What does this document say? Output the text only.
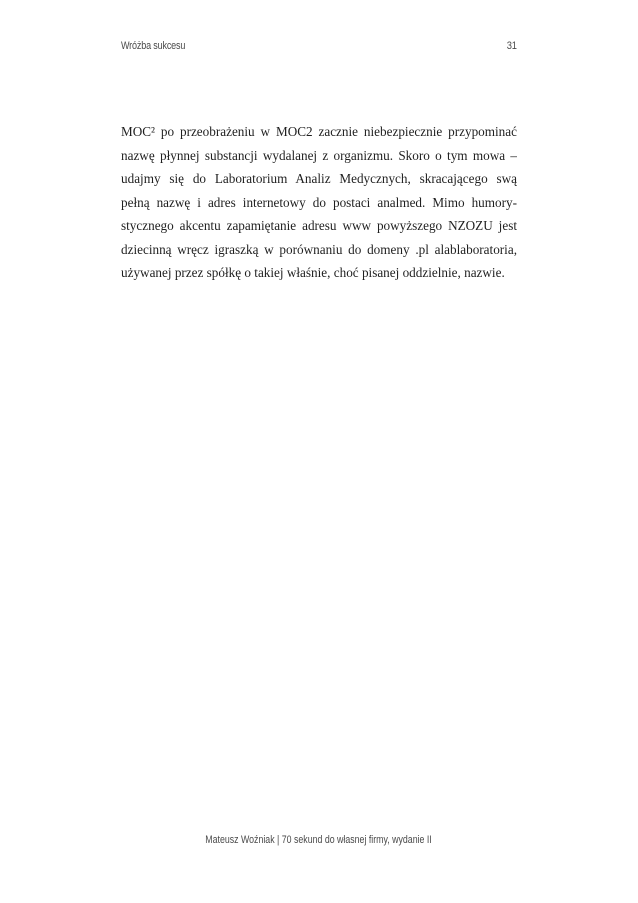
Wróżba sukcesu	31
MOC² po przeobrażeniu w MOC2 zacznie niebezpiecznie przypominać
nazwę płynnej substancji wydalanej z organizmu. Skoro o tym mowa –
udajmy się do Laboratorium Analiz Medycznych, skracającego swą
pełną nazwę i adres internetowy do postaci analmed. Mimo humory-
stycznego akcentu zapamiętanie adresu www powyższego NZOZU jest
dziecinną wręcz igraszką w porównaniu do domeny .pl alablaboratoria,
używanej przez spółkę o takiej właśnie, choć pisanej oddzielnie, nazwie.
Mateusz Woźniak | 70 sekund do własnej firmy, wydanie II
